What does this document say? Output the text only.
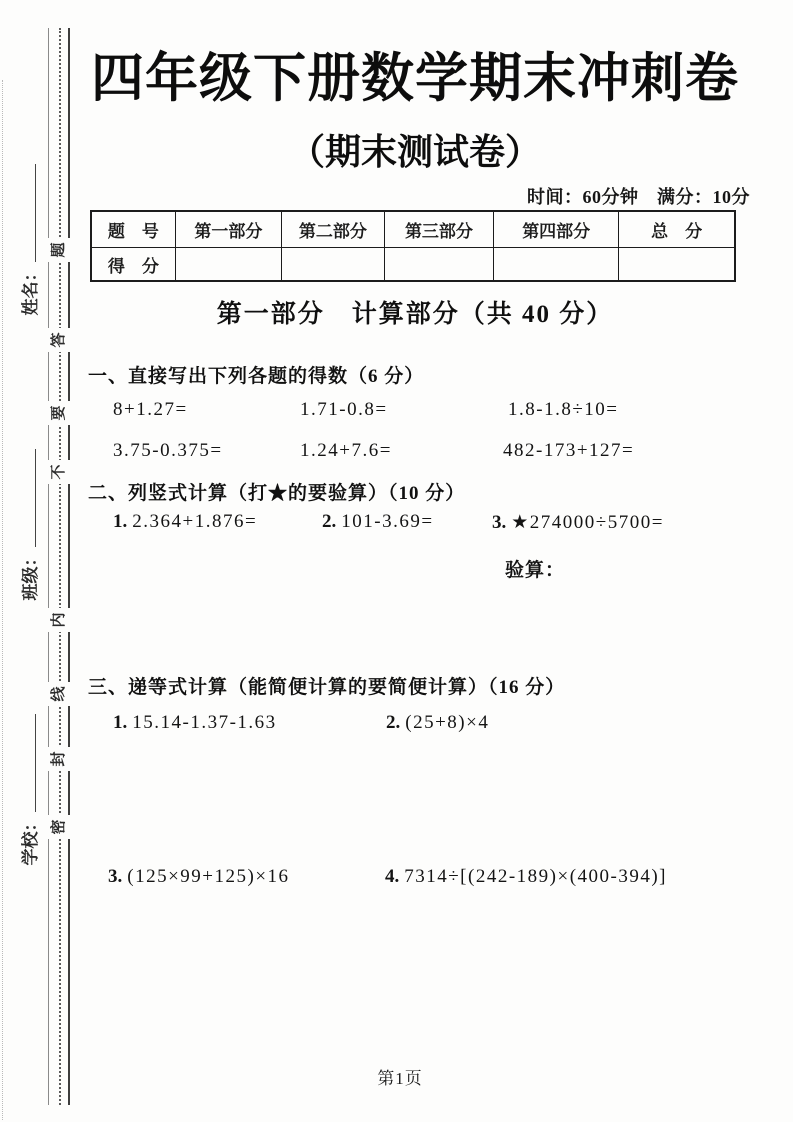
题
答
要
不
内
线
封
密
姓名：
班级：
学校：
四年级下册数学期末冲刺卷
（期末测试卷）
时间：60分钟　满分：10分
题　号	第一部分	第二部分	第三部分	第四部分	总　分
得　分					
第一部分　计算部分（共 40 分）
一、直接写出下列各题的得数（6 分）
8+1.27=	1.71-0.8=	1.8-1.8÷10=
3.75-0.375=	1.24+7.6=	482-173+127=
二、列竖式计算（打★的要验算）（10 分）
1. 2.364+1.876=	2. 101-3.69=	3. ★274000÷5700=
验算：
三、递等式计算（能简便计算的要简便计算）（16 分）
1. 15.14-1.37-1.63	2. (25+8)×4
3. (125×99+125)×16	4. 7314÷[(242-189)×(400-394)]
第1页
